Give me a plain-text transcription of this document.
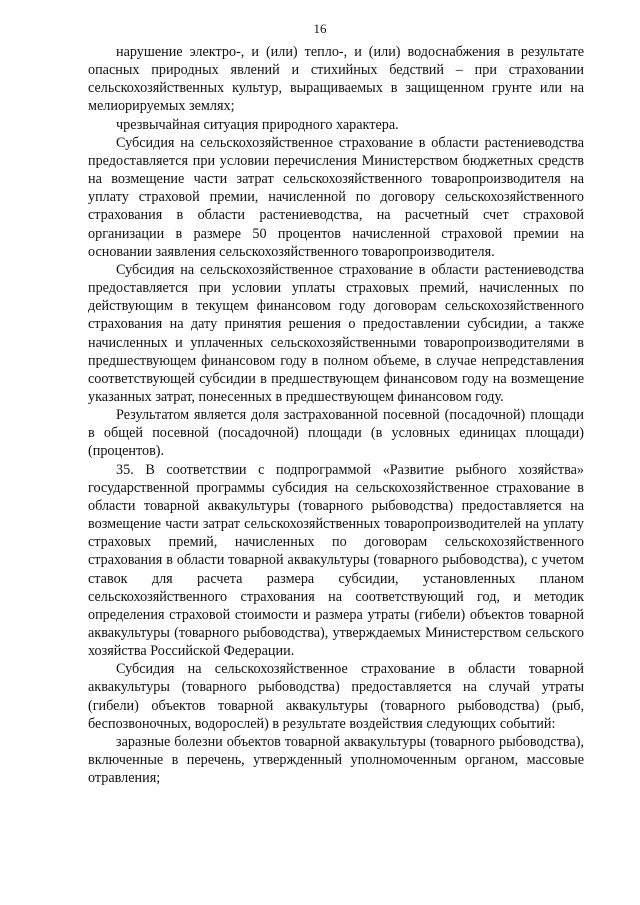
16

нарушение электро-, и (или) тепло-, и (или) водоснабжения в результате опасных природных явлений и стихийных бедствий – при страховании сельскохозяйственных культур, выращиваемых в защищенном грунте или на мелиорируемых землях;

чрезвычайная ситуация природного характера.

Субсидия на сельскохозяйственное страхование в области растениеводства предоставляется при условии перечисления Министерством бюджетных средств на возмещение части затрат сельскохозяйственного товаропроизводителя на уплату страховой премии, начисленной по договору сельскохозяйственного страхования в области растениеводства, на расчетный счет страховой организации в размере 50 процентов начисленной страховой премии на основании заявления сельскохозяйственного товаропроизводителя.

Субсидия на сельскохозяйственное страхование в области растениеводства предоставляется при условии уплаты страховых премий, начисленных по действующим в текущем финансовом году договорам сельскохозяйственного страхования на дату принятия решения о предоставлении субсидии, а также начисленных и уплаченных сельскохозяйственными товаропроизводителями в предшествующем финансовом году в полном объеме, в случае непредставления соответствующей субсидии в предшествующем финансовом году на возмещение указанных затрат, понесенных в предшествующем финансовом году.

Результатом является доля застрахованной посевной (посадочной) площади в общей посевной (посадочной) площади (в условных единицах площади) (процентов).

35. В соответствии с подпрограммой «Развитие рыбного хозяйства» государственной программы субсидия на сельскохозяйственное страхование в области товарной аквакультуры (товарного рыбоводства) предоставляется на возмещение части затрат сельскохозяйственных товаропроизводителей на уплату страховых премий, начисленных по договорам сельскохозяйственного страхования в области товарной аквакультуры (товарного рыбоводства), с учетом ставок для расчета размера субсидии, установленных планом сельскохозяйственного страхования на соответствующий год, и методик определения страховой стоимости и размера утраты (гибели) объектов товарной аквакультуры (товарного рыбоводства), утверждаемых Министерством сельского хозяйства Российской Федерации.

Субсидия на сельскохозяйственное страхование в области товарной аквакультуры (товарного рыбоводства) предоставляется на случай утраты (гибели) объектов товарной аквакультуры (товарного рыбоводства) (рыб, беспозвоночных, водорослей) в результате воздействия следующих событий:

заразные болезни объектов товарной аквакультуры (товарного рыбоводства), включенные в перечень, утвержденный уполномоченным органом, массовые отравления;
